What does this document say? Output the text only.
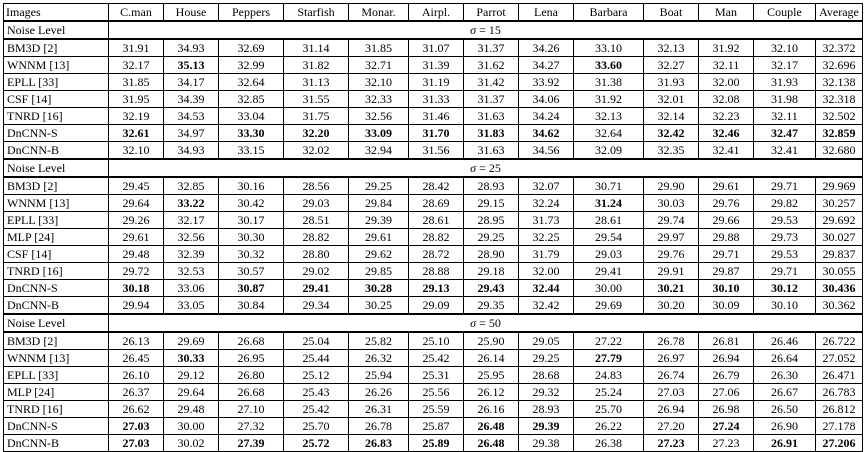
Images	C.man	House	Peppers	Starfish	Monar.	Airpl.	Parrot	Lena	Barbara	Boat	Man	Couple	Average
Noise Level	σ = 15												
BM3D [2]	31.91	34.93	32.69	31.14	31.85	31.07	31.37	34.26	33.10	32.13	31.92	32.10	32.372
WNNM [13]	32.17	35.13	32.99	31.82	32.71	31.39	31.62	34.27	33.60	32.27	32.11	32.17	32.696
EPLL [33]	31.85	34.17	32.64	31.13	32.10	31.19	31.42	33.92	31.38	31.93	32.00	31.93	32.138
CSF [14]	31.95	34.39	32.85	31.55	32.33	31.33	31.37	34.06	31.92	32.01	32.08	31.98	32.318
TNRD [16]	32.19	34.53	33.04	31.75	32.56	31.46	31.63	34.24	32.13	32.14	32.23	32.11	32.502
DnCNN-S	32.61	34.97	33.30	32.20	33.09	31.70	31.83	34.62	32.64	32.42	32.46	32.47	32.859
DnCNN-B	32.10	34.93	33.15	32.02	32.94	31.56	31.63	34.56	32.09	32.35	32.41	32.41	32.680
Noise Level	σ = 25												
BM3D [2]	29.45	32.85	30.16	28.56	29.25	28.42	28.93	32.07	30.71	29.90	29.61	29.71	29.969
WNNM [13]	29.64	33.22	30.42	29.03	29.84	28.69	29.15	32.24	31.24	30.03	29.76	29.82	30.257
EPLL [33]	29.26	32.17	30.17	28.51	29.39	28.61	28.95	31.73	28.61	29.74	29.66	29.53	29.692
MLP [24]	29.61	32.56	30.30	28.82	29.61	28.82	29.25	32.25	29.54	29.97	29.88	29.73	30.027
CSF [14]	29.48	32.39	30.32	28.80	29.62	28.72	28.90	31.79	29.03	29.76	29.71	29.53	29.837
TNRD [16]	29.72	32.53	30.57	29.02	29.85	28.88	29.18	32.00	29.41	29.91	29.87	29.71	30.055
DnCNN-S	30.18	33.06	30.87	29.41	30.28	29.13	29.43	32.44	30.00	30.21	30.10	30.12	30.436
DnCNN-B	29.94	33.05	30.84	29.34	30.25	29.09	29.35	32.42	29.69	30.20	30.09	30.10	30.362
Noise Level	σ = 50												
BM3D [2]	26.13	29.69	26.68	25.04	25.82	25.10	25.90	29.05	27.22	26.78	26.81	26.46	26.722
WNNM [13]	26.45	30.33	26.95	25.44	26.32	25.42	26.14	29.25	27.79	26.97	26.94	26.64	27.052
EPLL [33]	26.10	29.12	26.80	25.12	25.94	25.31	25.95	28.68	24.83	26.74	26.79	26.30	26.471
MLP [24]	26.37	29.64	26.68	25.43	26.26	25.56	26.12	29.32	25.24	27.03	27.06	26.67	26.783
TNRD [16]	26.62	29.48	27.10	25.42	26.31	25.59	26.16	28.93	25.70	26.94	26.98	26.50	26.812
DnCNN-S	27.03	30.00	27.32	25.70	26.78	25.87	26.48	29.39	26.22	27.20	27.24	26.90	27.178
DnCNN-B	27.03	30.02	27.39	25.72	26.83	25.89	26.48	29.38	26.38	27.23	27.23	26.91	27.206
